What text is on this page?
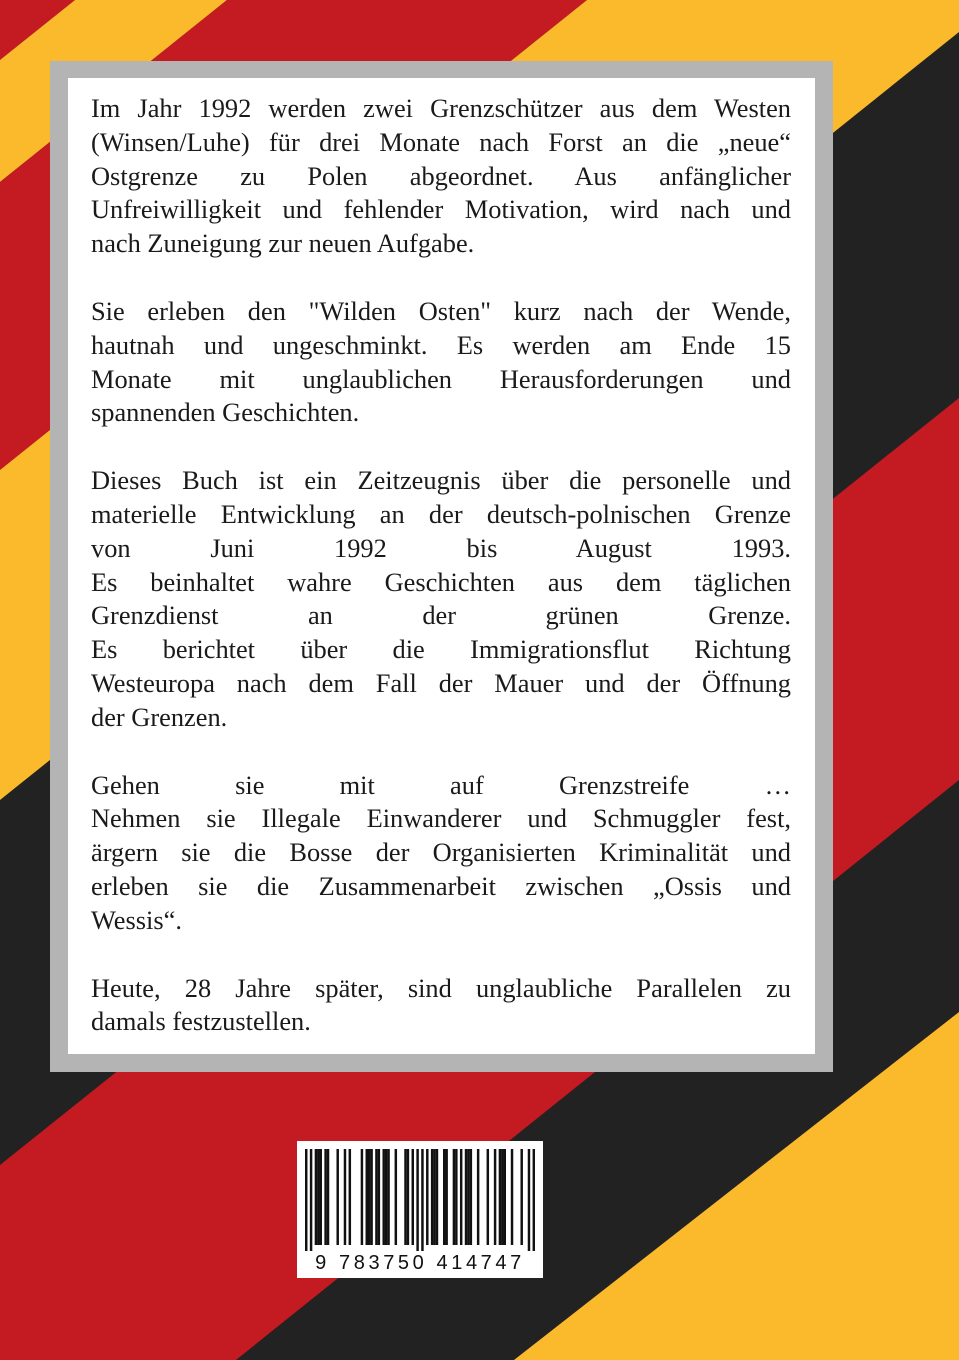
Im Jahr 1992 werden zwei Grenzschützer aus dem Westen
(Winsen/Luhe) für drei Monate nach Forst an die „neue“
Ostgrenze zu Polen abgeordnet. Aus anfänglicher
Unfreiwilligkeit und fehlender Motivation, wird nach und
nach Zuneigung zur neuen Aufgabe.
Sie erleben den "Wilden Osten" kurz nach der Wende,
hautnah und ungeschminkt. Es werden am Ende 15
Monate mit unglaublichen Herausforderungen und
spannenden Geschichten.
Dieses Buch ist ein Zeitzeugnis über die personelle und
materielle Entwicklung an der deutsch-polnischen Grenze
von Juni 1992 bis August 1993.
Es beinhaltet wahre Geschichten aus dem täglichen
Grenzdienst an der grünen Grenze.
Es berichtet über die Immigrationsflut Richtung
Westeuropa nach dem Fall der Mauer und der Öffnung
der Grenzen.
Gehen sie mit auf Grenzstreife …
Nehmen sie Illegale Einwanderer und Schmuggler fest,
ärgern sie die Bosse der Organisierten Kriminalität und
erleben sie die Zusammenarbeit zwischen „Ossis und
Wessis“.
Heute, 28 Jahre später, sind unglaubliche Parallelen zu
damals festzustellen.
9 783750 414747
